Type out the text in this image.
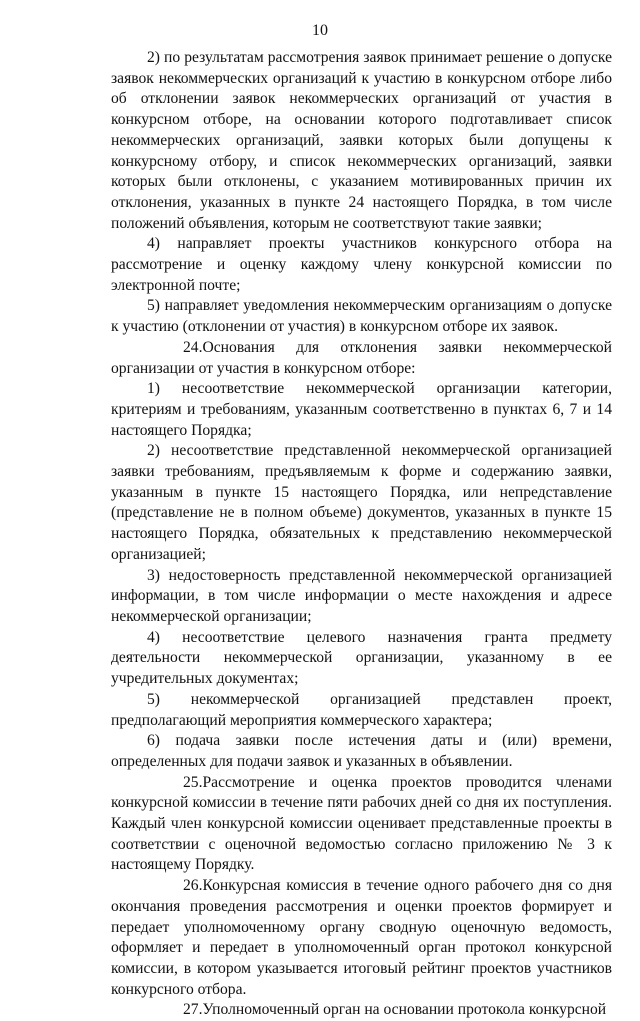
10

2) по результатам рассмотрения заявок принимает решение о допуске заявок некоммерческих организаций к участию в конкурсном отборе либо об отклонении заявок некоммерческих организаций от участия в конкурсном отборе, на основании которого подготавливает список некоммерческих организаций, заявки которых были допущены к конкурсному отбору, и список некоммерческих организаций, заявки которых были отклонены, с указанием мотивированных причин их отклонения, указанных в пункте 24 настоящего Порядка, в том числе положений объявления, которым не соответствуют такие заявки;

4) направляет проекты участников конкурсного отбора на рассмотрение и оценку каждому члену конкурсной комиссии по электронной почте;

5) направляет уведомления некоммерческим организациям о допуске к участию (отклонении от участия) в конкурсном отборе их заявок.

24.Основания для отклонения заявки некоммерческой организации от участия в конкурсном отборе:

1) несоответствие некоммерческой организации категории, критериям и требованиям, указанным соответственно в пунктах 6, 7 и 14 настоящего Порядка;

2) несоответствие представленной некоммерческой организацией заявки требованиям, предъявляемым к форме и содержанию заявки, указанным в пункте 15 настоящего Порядка, или непредставление (представление не в полном объеме) документов, указанных в пункте 15 настоящего Порядка, обязательных к представлению некоммерческой организацией;

3) недостоверность представленной некоммерческой организацией информации, в том числе информации о месте нахождения и адресе некоммерческой организации;

4) несоответствие целевого назначения гранта предмету деятельности некоммерческой организации, указанному в ее учредительных документах;

5) некоммерческой организацией представлен проект, предполагающий мероприятия коммерческого характера;

6) подача заявки после истечения даты и (или) времени, определенных для подачи заявок и указанных в объявлении.

25.Рассмотрение и оценка проектов проводится членами конкурсной комиссии в течение пяти рабочих дней со дня их поступления. Каждый член конкурсной комиссии оценивает представленные проекты в соответствии с оценочной ведомостью согласно приложению № 3 к настоящему Порядку.

26.Конкурсная комиссия в течение одного рабочего дня со дня окончания проведения рассмотрения и оценки проектов формирует и передает уполномоченному органу сводную оценочную ведомость, оформляет и передает в уполномоченный орган протокол конкурсной комиссии, в котором указывается итоговый рейтинг проектов участников конкурсного отбора.

27.Уполномоченный орган на основании протокола конкурсной
